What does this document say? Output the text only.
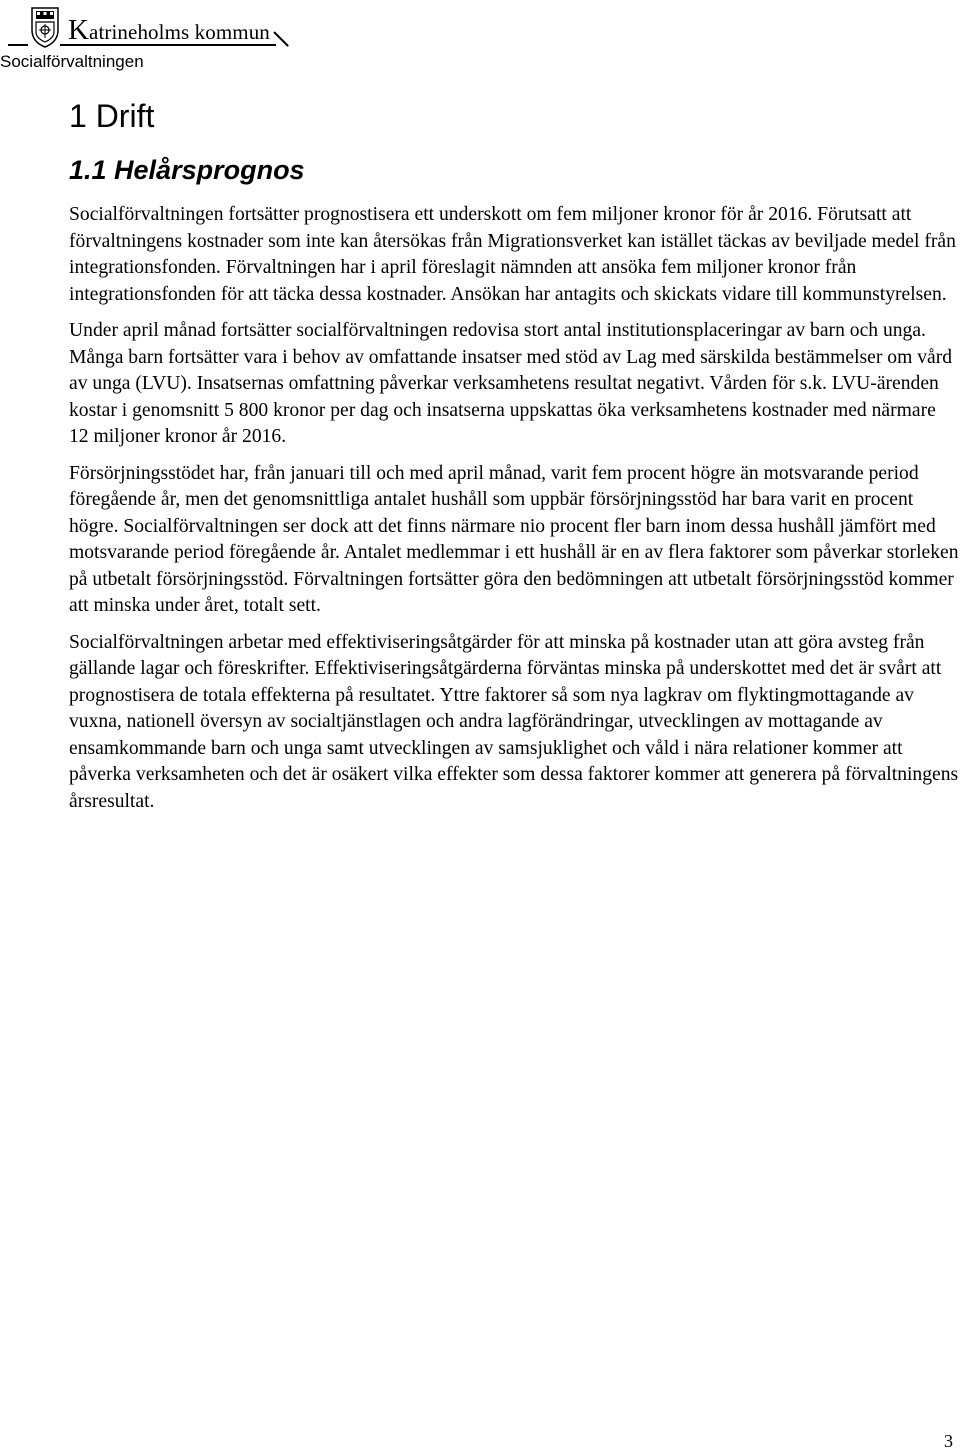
Katrineholms kommun
Socialförvaltningen
1 Drift
1.1 Helårsprognos

Socialförvaltningen fortsätter prognostisera ett underskott om fem miljoner kronor för år 2016. Förutsatt att förvaltningens kostnader som inte kan återsökas från Migrationsverket kan istället täckas av beviljade medel från integrationsfonden. Förvaltningen har i april föreslagit nämnden att ansöka fem miljoner kronor från integrationsfonden för att täcka dessa kostnader. Ansökan har antagits och skickats vidare till kommunstyrelsen.

Under april månad fortsätter socialförvaltningen redovisa stort antal institutionsplaceringar av barn och unga. Många barn fortsätter vara i behov av omfattande insatser med stöd av Lag med särskilda bestämmelser om vård av unga (LVU). Insatsernas omfattning påverkar verksamhetens resultat negativt. Vården för s.k. LVU-ärenden kostar i genomsnitt 5 800 kronor per dag och insatserna uppskattas öka verksamhetens kostnader med närmare 12 miljoner kronor år 2016.

Försörjningsstödet har, från januari till och med april månad, varit fem procent högre än motsvarande period föregående år, men det genomsnittliga antalet hushåll som uppbär försörjningsstöd har bara varit en procent högre. Socialförvaltningen ser dock att det finns närmare nio procent fler barn inom dessa hushåll jämfört med motsvarande period föregående år. Antalet medlemmar i ett hushåll är en av flera faktorer som påverkar storleken på utbetalt försörjningsstöd. Förvaltningen fortsätter göra den bedömningen att utbetalt försörjningsstöd kommer att minska under året, totalt sett.

Socialförvaltningen arbetar med effektiviseringsåtgärder för att minska på kostnader utan att göra avsteg från gällande lagar och föreskrifter. Effektiviseringsåtgärderna förväntas minska på underskottet med det är svårt att prognostisera de totala effekterna på resultatet. Yttre faktorer så som nya lagkrav om flyktingmottagande av vuxna, nationell översyn av socialtjänstlagen och andra lagförändringar, utvecklingen av mottagande av ensamkommande barn och unga samt utvecklingen av samsjuklighet och våld i nära relationer kommer att påverka verksamheten och det är osäkert vilka effekter som dessa faktorer kommer att generera på förvaltningens årsresultat.

3
